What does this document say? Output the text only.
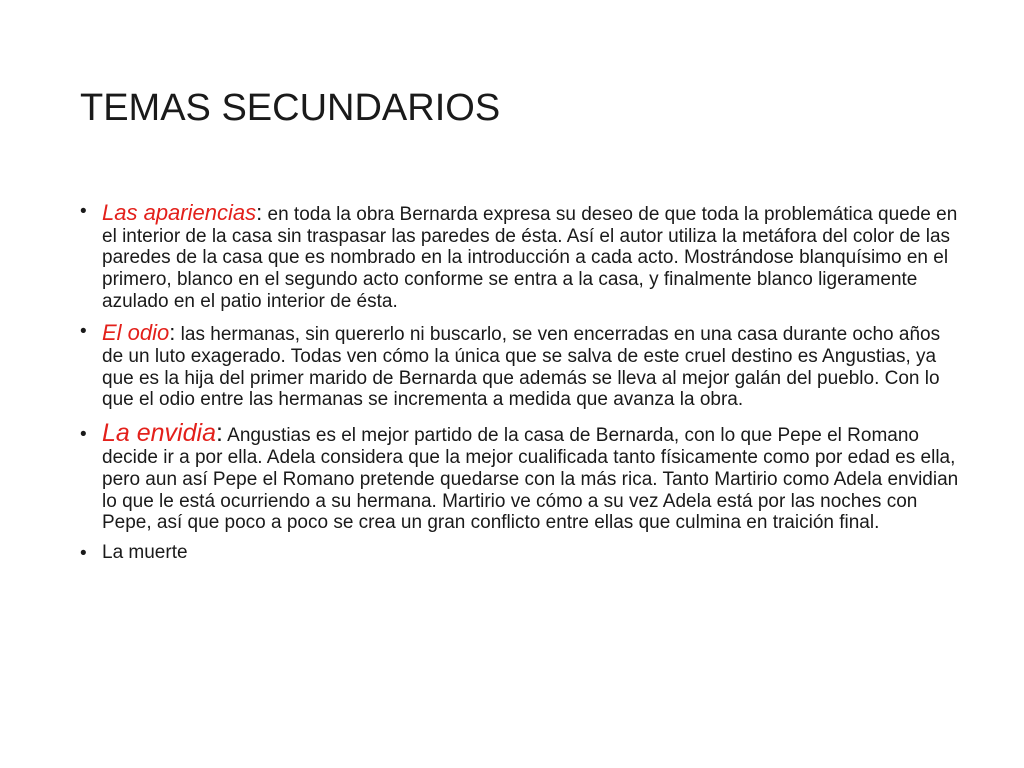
TEMAS SECUNDARIOS
• Las apariencias: en toda la obra Bernarda expresa su deseo de que toda la problemática quede en el interior de la casa sin traspasar las paredes de ésta. Así el autor utiliza la metáfora del color de las paredes de la casa que es nombrado en la introducción a cada acto. Mostrándose blanquísimo en el primero, blanco en el segundo acto conforme se entra a la casa, y finalmente blanco ligeramente azulado en el patio interior de ésta.
• El odio: las hermanas, sin quererlo ni buscarlo, se ven encerradas en una casa durante ocho años de un luto exagerado. Todas ven cómo la única que se salva de este cruel destino es Angustias, ya que es la hija del primer marido de Bernarda que además se lleva al mejor galán del pueblo. Con lo que el odio entre las hermanas se incrementa a medida que avanza la obra.
• La envidia: Angustias es el mejor partido de la casa de Bernarda, con lo que Pepe el Romano decide ir a por ella. Adela considera que la mejor cualificada tanto físicamente como por edad es ella, pero aun así Pepe el Romano pretende quedarse con la más rica. Tanto Martirio como Adela envidian lo que le está ocurriendo a su hermana. Martirio ve cómo a su vez Adela está por las noches con Pepe, así que poco a poco se crea un gran conflicto entre ellas que culmina en traición final.
• La muerte
